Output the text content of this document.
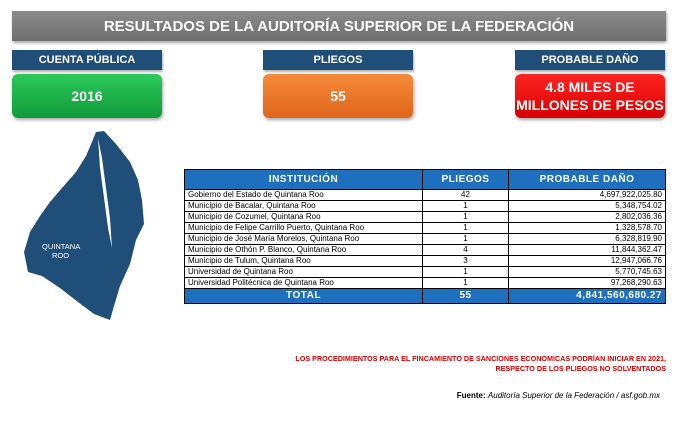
RESULTADOS DE LA AUDITORÍA SUPERIOR DE LA FEDERACIÓN
CUENTA PÚBLICA
2016
PLIEGOS
55
PROBABLE DAÑO
4.8 MILES DE
MILLONES DE PESOS
QUINTANA
ROO
INSTITUCIÓN	PLIEGOS	PROBABLE DAÑO
Gobierno del Estado de Quintana Roo	42	4,697,922,025.80
Municipio de Bacalar, Quintana Roo	1	5,348,754.02
Municipio de Cozumel, Quintana Roo	1	2,802,036.36
Municipio de Felipe Carrillo Puerto, Quintana Roo	1	1,328,578.70
Municipio de José María Morelos, Quintana Roo	1	6,328,819.90
Municipio de Othón P. Blanco, Quintana Roo	4	11,844,362.47
Municipio de Tulum, Quintana Roo	3	12,947,066.76
Universidad de Quintana Roo	1	5,770,745.63
Universidad Politécnica de Quintana Roo	1	97,268,290.63
TOTAL	55	4,841,560,680.27
LOS PROCEDIMIENTOS PARA EL FINCAMIENTO DE SANCIONES ECONOMICAS PODRÍAN INICIAR EN 2021,
RESPECTO DE LOS PLIEGOS NO SOLVENTADOS
Fuente: Auditoría Superior de la Federación / asf.gob.mx
